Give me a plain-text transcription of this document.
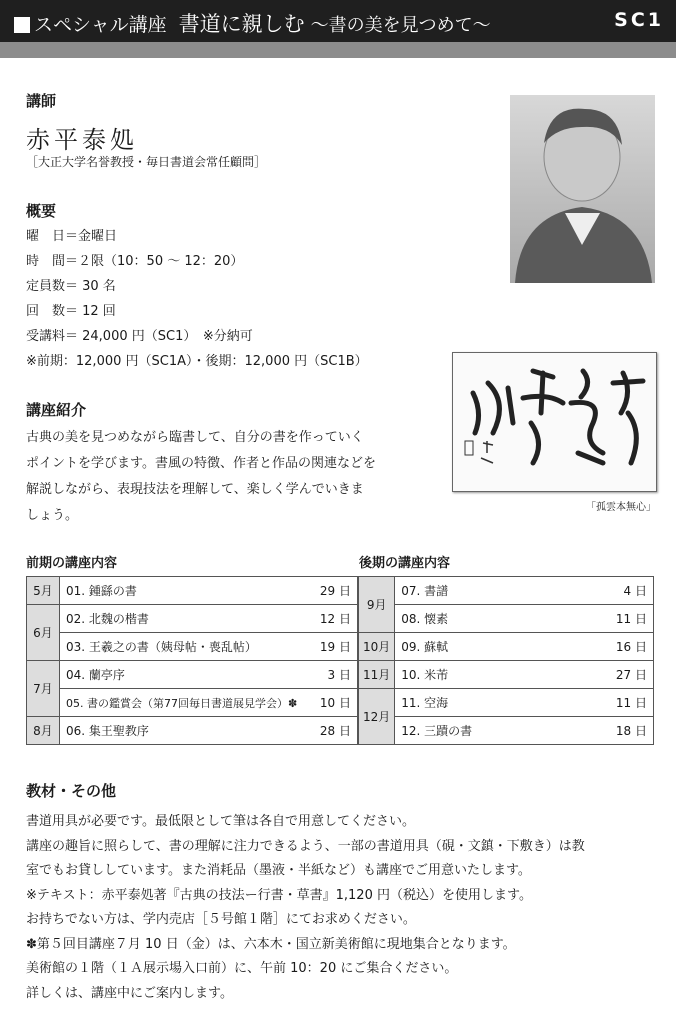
スペシャル講座 書道に親しむ 〜書の美を見つめて〜	SC1
講師
赤平泰処
［大正大学名誉教授・毎日書道会常任顧問］
概要
曜　日＝金曜日
時　間＝２限（10：50 〜 12：20）
定員数＝ 30 名
回　数＝ 12 回
受講料＝ 24,000 円（SC1）　※分納可
※前期：12,000 円（SC1A）・後期：12,000 円（SC1B）
「孤雲本無心」
講座紹介
古典の美を見つめながら臨書して、自分の書を作っていくポイントを学びます。書風の特徴、作者と作品の関連などを解説しながら、表現技法を理解して、楽しく学んでいきましょう。
前期の講座内容	後期の講座内容
5月	01. 鍾繇の書	29 日
6月	02. 北魏の楷書	12 日
	03. 王羲之の書（姨母帖・喪乱帖）	19 日
7月	04. 蘭亭序	3 日
	05. 書の鑑賞会（第77回毎日書道展見学会）✽	10 日
8月	06. 集王聖教序	28 日
9月	07. 書譜	4 日
	08. 懐素	11 日
10月	09. 蘇軾	16 日
11月	10. 米芾	27 日
12月	11. 空海	11 日
	12. 三蹟の書	18 日
教材・その他
書道用具が必要です。最低限として筆は各自で用意してください。
講座の趣旨に照らして、書の理解に注力できるよう、一部の書道用具（硯・文鎮・下敷き）は教
室でもお貸ししています。また消耗品（墨液・半紙など）も講座でご用意いたします。
※テキスト：赤平泰処著『古典の技法ー行書・草書』1,120 円（税込）を使用します。
お持ちでない方は、学内売店［５号館１階］にてお求めください。
✽第５回目講座７月 10 日（金）は、六本木・国立新美術館に現地集合となります。
美術館の１階（１Ａ展示場入口前）に、午前 10：20 にご集合ください。
詳しくは、講座中にご案内します。
